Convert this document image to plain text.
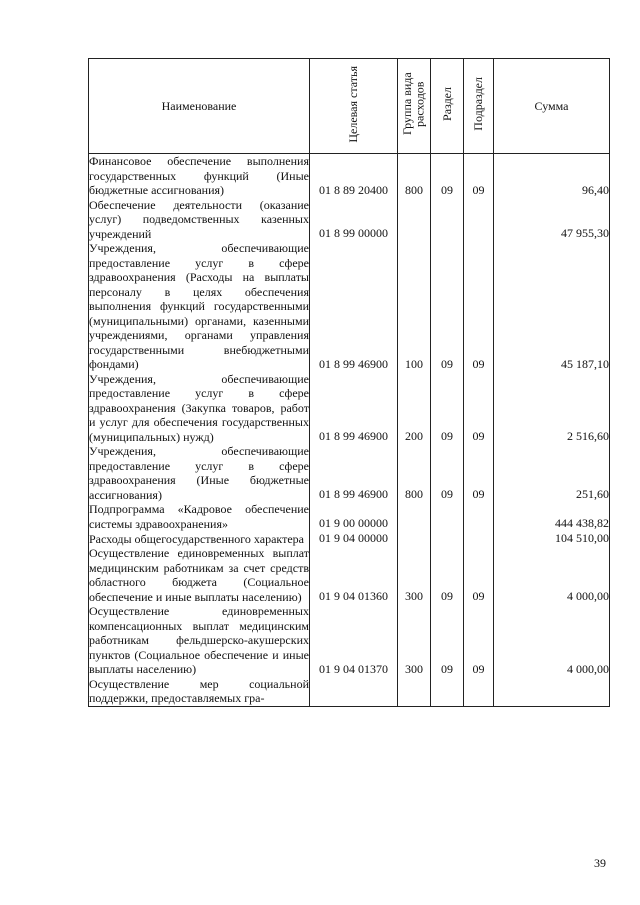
Наименование	Целевая статья	Группа вида расходов	Раздел	Подраздел	Сумма
Финансовое обеспечение выполнения государственных функций (Иные бюджетные ассигнования)	01 8 89 20400	800	09	09	96,40
Обеспечение деятельности (оказание услуг) подведомственных казенных учреждений	01 8 99 00000				47 955,30
Учреждения, обеспечивающие предоставление услуг в сфере здравоохранения (Расходы на выплаты персоналу в целях обеспечения выполнения функций государственными (муниципальными) органами, казенными учреждениями, органами управления государственными внебюджетными фондами)	01 8 99 46900	100	09	09	45 187,10
Учреждения, обеспечивающие предоставление услуг в сфере здравоохранения (Закупка товаров, работ и услуг для обеспечения государственных (муниципальных) нужд)	01 8 99 46900	200	09	09	2 516,60
Учреждения, обеспечивающие предоставление услуг в сфере здравоохранения (Иные бюджетные ассигнования)	01 8 99 46900	800	09	09	251,60
Подпрограмма «Кадровое обеспечение системы здравоохранения»	01 9 00 00000				444 438,82
Расходы общегосударственного характера	01 9 04 00000				104 510,00
Осуществление единовременных выплат медицинским работникам за счет средств областного бюджета (Социальное обеспечение и иные выплаты населению)	01 9 04 01360	300	09	09	4 000,00
Осуществление единовременных компенсационных выплат медицинским работникам фельдшерско-акушерских пунктов (Социальное обеспечение и иные выплаты населению)	01 9 04 01370	300	09	09	4 000,00
Осуществление мер социальной поддержки, предоставляемых гра-					
39
